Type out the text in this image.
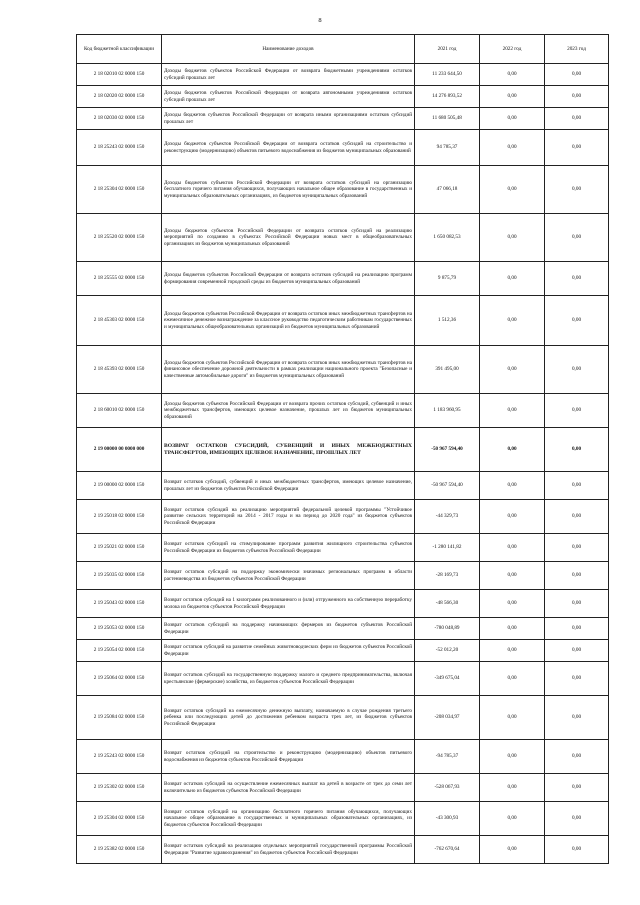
8
Код бюджетной классификации	Наименование доходов	2021 год	2022 год	2023 год
2 18 02010 02 0000 150	Доходы бюджетов субъектов Российской Федерации от возврата бюджетными учреждениями остатков субсидий прошлых лет	11 233 644,50	0,00	0,00
2 18 02020 02 0000 150	Доходы бюджетов субъектов Российской Федерации от возврата автономными учреждениями остатков субсидий прошлых лет	14 276 893,52	0,00	0,00
2 18 02030 02 0000 150	Доходы бюджетов субъектов Российской Федерации от возврата иными организациями остатков субсидий прошлых лет	11 680 505,48	0,00	0,00
2 18 25243 02 0000 150	Доходы бюджетов субъектов Российской Федерации от возврата остатков субсидий на строительство и реконструкцию (модернизацию) объектов питьевого водоснабжения из бюджетов муниципальных образований	94 785,37	0,00	0,00
2 18 25304 02 0000 150	Доходы бюджетов субъектов Российской Федерации от возврата остатков субсидий на организацию бесплатного горячего питания обучающихся, получающих начальное общее образование в государственных и муниципальных образовательных организациях, из бюджетов муниципальных образований	47 066,18	0,00	0,00
2 18 25520 02 0000 150	Доходы бюджетов субъектов Российской Федерации от возврата остатков субсидий на реализацию мероприятий по созданию в субъектах Российской Федерации новых мест в общеобразовательных организациях из бюджетов муниципальных образований	1 650 082,53	0,00	0,00
2 18 25555 02 0000 150	Доходы бюджетов субъектов Российской Федерации от возврата остатков субсидий на реализацию программ формирования современной городской среды из бюджетов муниципальных образований	9 875,79	0,00	0,00
2 18 45303 02 0000 150	Доходы бюджетов субъектов Российской Федерации от возврата остатков иных межбюджетных трансфертов на ежемесячное денежное вознаграждение за классное руководство педагогическим работникам государственных и муниципальных общеобразовательных организаций из бюджетов муниципальных образований	1 512,36	0,00	0,00
2 18 45393 02 0000 150	Доходы бюджетов субъектов Российской Федерации от возврата остатков иных межбюджетных трансфертов на финансовое обеспечение дорожной деятельности в рамках реализации национального проекта "Безопасные и качественные автомобильные дороги" из бюджетов муниципальных образований	391 495,00	0,00	0,00
2 18 60010 02 0000 150	Доходы бюджетов субъектов Российской Федерации от возврата прочих остатков субсидий, субвенций и иных межбюджетных трансфертов, имеющих целевое назначение, прошлых лет из бюджетов муниципальных образований	1 183 960,95	0,00	0,00
2 19 00000 00 0000 000	ВОЗВРАТ ОСТАТКОВ СУБСИДИЙ, СУБВЕНЦИЙ И ИНЫХ МЕЖБЮДЖЕТНЫХ ТРАНСФЕРТОВ, ИМЕЮЩИХ ЦЕЛЕВОЕ НАЗНАЧЕНИЕ, ПРОШЛЫХ ЛЕТ	-50 967 594,40	0,00	0,00
2 19 00000 02 0000 150	Возврат остатков субсидий, субвенций и иных межбюджетных трансфертов, имеющих целевое назначение, прошлых лет из бюджетов субъектов Российской Федерации	-50 967 594,40	0,00	0,00
2 19 25018 02 0000 150	Возврат остатков субсидий на реализацию мероприятий федеральной целевой программы "Устойчивое развитие сельских территорий на 2014 - 2017 годы и на период до 2020 года" из бюджетов субъектов Российской Федерации	-44 329,73	0,00	0,00
2 19 25021 02 0000 150	Возврат остатков субсидий на стимулирование программ развития жилищного строительства субъектов Российской Федерации из бюджетов субъектов Российской Федерации	-1 280 141,82	0,00	0,00
2 19 25035 02 0000 150	Возврат остатков субсидий на поддержку экономически значимых региональных программ в области растениеводства из бюджетов субъектов Российской Федерации	-28 169,73	0,00	0,00
2 19 25043 02 0000 150	Возврат остатков субсидий на 1 килограмм реализованного и (или) отгруженного на собственную переработку молока из бюджетов субъектов Российской Федерации	-48 566,30	0,00	0,00
2 19 25053 02 0000 150	Возврат остатков субсидий на поддержку начинающих фермеров из бюджетов субъектов Российской Федерации	-780 048,89	0,00	0,00
2 19 25054 02 0000 150	Возврат остатков субсидий на развитие семейных животноводческих ферм из бюджетов субъектов Российской Федерации	-52 012,20	0,00	0,00
2 19 25064 02 0000 150	Возврат остатков субсидий на государственную поддержку малого и среднего предпринимательства, включая крестьянские (фермерские) хозяйства, из бюджетов субъектов Российской Федерации	-349 675,04	0,00	0,00
2 19 25084 02 0000 150	Возврат остатков субсидий на ежемесячную денежную выплату, назначаемую в случае рождения третьего ребенка или последующих детей до достижения ребенком возраста трех лет, из бюджетов субъектов Российской Федерации	-208 034,97	0,00	0,00
2 19 25243 02 0000 150	Возврат остатков субсидий на строительство и реконструкцию (модернизацию) объектов питьевого водоснабжения из бюджетов субъектов Российской Федерации	-94 785,37	0,00	0,00
2 19 25302 02 0000 150	Возврат остатков субсидий на осуществление ежемесячных выплат на детей в возрасте от трех до семи лет включительно из бюджетов субъектов Российской Федерации	-528 067,93	0,00	0,00
2 19 25304 02 0000 150	Возврат остатков субсидий на организацию бесплатного горячего питания обучающихся, получающих начальное общее образование в государственных и муниципальных образовательных организациях, из бюджетов субъектов Российской Федерации	-43 300,93	0,00	0,00
2 19 25382 02 0000 150	Возврат остатков субсидий на реализацию отдельных мероприятий государственной программы Российской Федерации "Развитие здравоохранения" из бюджетов субъектов Российской Федерации	-762 670,64	0,00	0,00
